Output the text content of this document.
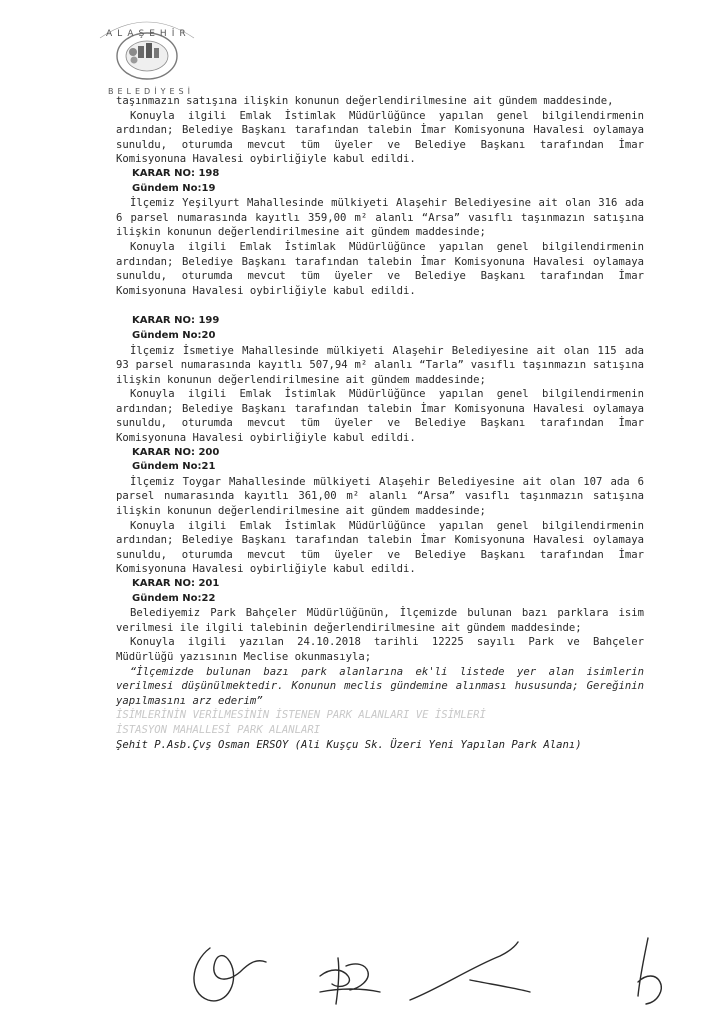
ALAŞEHİR
BELEDİYESİ

taşınmazın satışına ilişkin konunun değerlendirilmesine ait gündem maddesinde,

Konuyla ilgili Emlak İstimlak Müdürlüğünce yapılan genel bilgilendirmenin ardından; Belediye Başkanı tarafından talebin İmar Komisyonuna Havalesi oylamaya sunuldu, oturumda mevcut tüm üyeler ve Belediye Başkanı tarafından İmar Komisyonuna Havalesi oybirliğiyle kabul edildi.

KARAR NO: 198

Gündem No:19

İlçemiz Yeşilyurt Mahallesinde mülkiyeti Alaşehir Belediyesine ait olan 316 ada 6 parsel numarasında kayıtlı 359,00 m² alanlı “Arsa” vasıflı taşınmazın satışına ilişkin konunun değerlendirilmesine ait gündem maddesinde;

Konuyla ilgili Emlak İstimlak Müdürlüğünce yapılan genel bilgilendirmenin ardından; Belediye Başkanı tarafından talebin İmar Komisyonuna Havalesi oylamaya sunuldu, oturumda mevcut tüm üyeler ve Belediye Başkanı tarafından İmar Komisyonuna Havalesi oybirliğiyle kabul edildi.

KARAR NO: 199

Gündem No:20

İlçemiz İsmetiye Mahallesinde mülkiyeti Alaşehir Belediyesine ait olan 115 ada 93 parsel numarasında kayıtlı 507,94 m² alanlı “Tarla” vasıflı taşınmazın satışına ilişkin konunun değerlendirilmesine ait gündem maddesinde;

Konuyla ilgili Emlak İstimlak Müdürlüğünce yapılan genel bilgilendirmenin ardından; Belediye Başkanı tarafından talebin İmar Komisyonuna Havalesi oylamaya sunuldu, oturumda mevcut tüm üyeler ve Belediye Başkanı tarafından İmar Komisyonuna Havalesi oybirliğiyle kabul edildi.

KARAR NO: 200

Gündem No:21

İlçemiz Toygar Mahallesinde mülkiyeti Alaşehir Belediyesine ait olan 107 ada 6 parsel numarasında kayıtlı 361,00 m² alanlı “Arsa” vasıflı taşınmazın satışına ilişkin konunun değerlendirilmesine ait gündem maddesinde;

Konuyla ilgili Emlak İstimlak Müdürlüğünce yapılan genel bilgilendirmenin ardından; Belediye Başkanı tarafından talebin İmar Komisyonuna Havalesi oylamaya sunuldu, oturumda mevcut tüm üyeler ve Belediye Başkanı tarafından İmar Komisyonuna Havalesi oybirliğiyle kabul edildi.

KARAR NO: 201

Gündem No:22

Belediyemiz Park Bahçeler Müdürlüğünün, İlçemizde bulunan bazı parklara isim verilmesi ile ilgili talebinin değerlendirilmesine ait gündem maddesinde;

Konuyla ilgili yazılan 24.10.2018 tarihli 12225 sayılı Park ve Bahçeler Müdürlüğü yazısının Meclise okunmasıyla;

“İlçemizde bulunan bazı park alanlarına ek'li listede yer alan isimlerin verilmesi düşünülmektedir. Konunun meclis gündemine alınması hususunda; Gereğinin yapılmasını arz ederim”

İSİMLERİNİN VERİLMESİNİN İSTENEN PARK ALANLARI VE İSİMLERİ

İSTASYON MAHALLESİ PARK ALANLARI

Şehit P.Asb.Çvş Osman ERSOY (Ali Kuşçu Sk. Üzeri Yeni Yapılan Park Alanı)
